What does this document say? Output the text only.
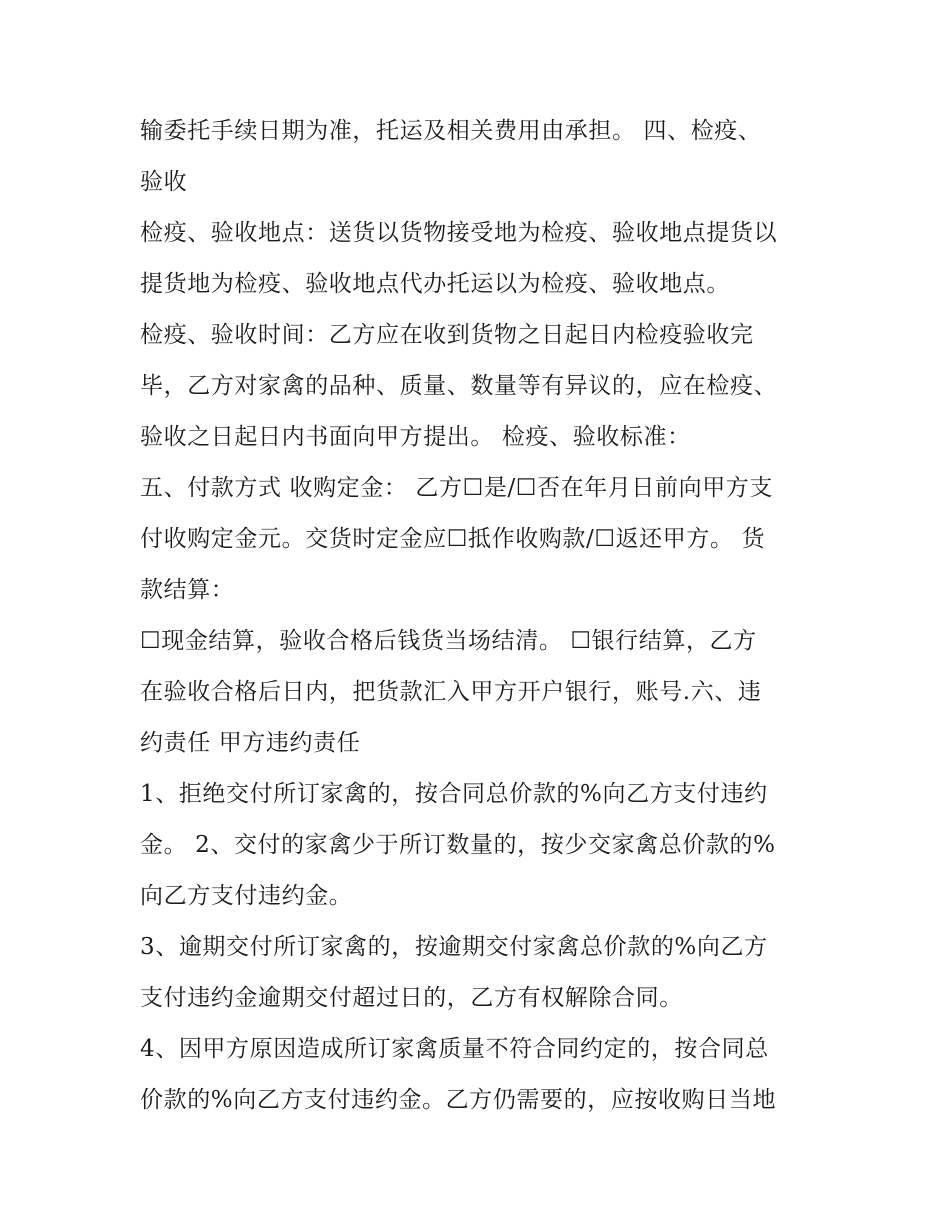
输委托手续日期为准，托运及相关费用由承担。 四、检疫、
验收
检疫、验收地点：送货以货物接受地为检疫、验收地点提货以
提货地为检疫、验收地点代办托运以为检疫、验收地点。
检疫、验收时间：乙方应在收到货物之日起日内检疫验收完
毕，乙方对家禽的品种、质量、数量等有异议的，应在检疫、
验收之日起日内书面向甲方提出。 检疫、验收标准：
五、付款方式 收购定金： 乙方☐是/☐否在年月日前向甲方支
付收购定金元。交货时定金应☐抵作收购款/☐返还甲方。 货
款结算：
☐现金结算，验收合格后钱货当场结清。 ☐银行结算，乙方
在验收合格后日内，把货款汇入甲方开户银行，账号.六、违
约责任 甲方违约责任
1、拒绝交付所订家禽的，按合同总价款的%向乙方支付违约
金。 2、交付的家禽少于所订数量的，按少交家禽总价款的%
向乙方支付违约金。
3、逾期交付所订家禽的，按逾期交付家禽总价款的%向乙方
支付违约金逾期交付超过日的，乙方有权解除合同。
4、因甲方原因造成所订家禽质量不符合同约定的，按合同总
价款的%向乙方支付违约金。乙方仍需要的，应按收购日当地
